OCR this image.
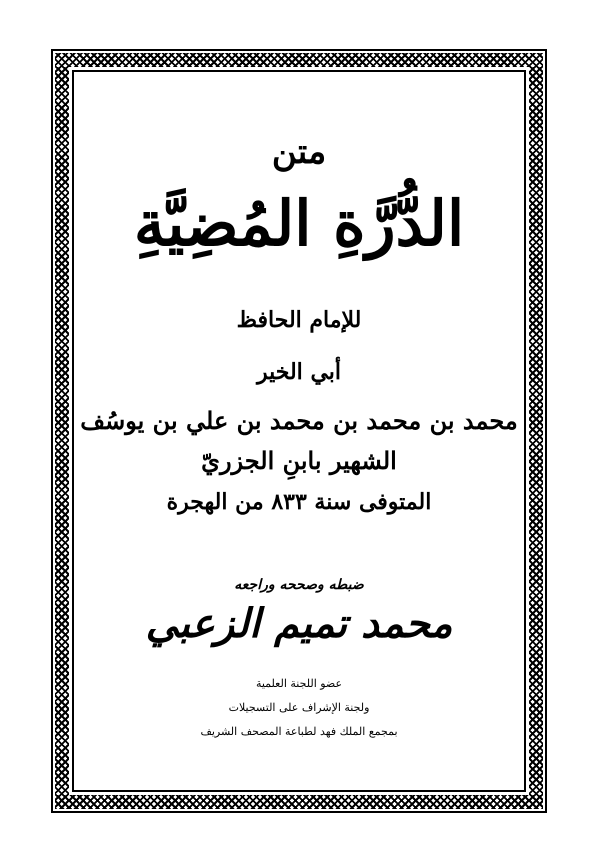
متن
الدُّرَّةِ المُضِيَّةِ
للإمام الحافظ
أبي الخير
محمد بن محمد بن محمد بن علي بن يوسُف
الشهير بابنِ الجزريّ
المتوفى سنة ٨٣٣ من الهجرة
ضبطه وصححه وراجعه
محمد تميم الزعبي
عضو اللجنة العلمية
ولجنة الإشراف على التسجيلات
بمجمع الملك فهد لطباعة المصحف الشريف
